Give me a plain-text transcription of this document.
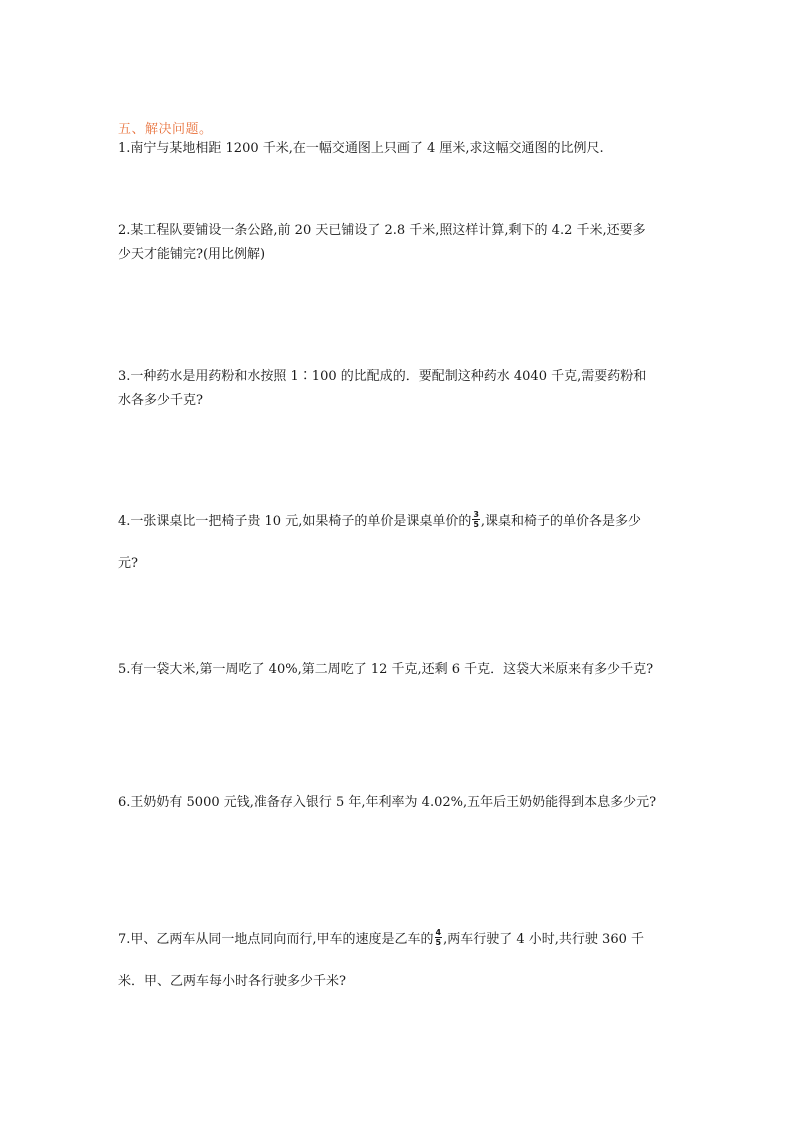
五、解决问题。
1.南宁与某地相距 1200 千米,在一幅交通图上只画了 4 厘米,求这幅交通图的比例尺.
2.某工程队要铺设一条公路,前 20 天已铺设了 2.8 千米,照这样计算,剩下的 4.2 千米,还要多
少天才能铺完?(用比例解)
3.一种药水是用药粉和水按照 1∶100 的比配成的．要配制这种药水 4040 千克,需要药粉和
水各多少千克?
4.一张课桌比一把椅子贵 10 元,如果椅子的单价是课桌单价的 $\frac{3}{5}$ ,课桌和椅子的单价各是多少
元?
5.有一袋大米,第一周吃了 40%,第二周吃了 12 千克,还剩 6 千克．这袋大米原来有多少千克?
6.王奶奶有 5000 元钱,准备存入银行 5 年,年利率为 4.02%,五年后王奶奶能得到本息多少元?
7.甲、乙两车从同一地点同向而行,甲车的速度是乙车的 $\frac{4}{5}$ ,两车行驶了 4 小时,共行驶 360 千
米．甲、乙两车每小时各行驶多少千米?
